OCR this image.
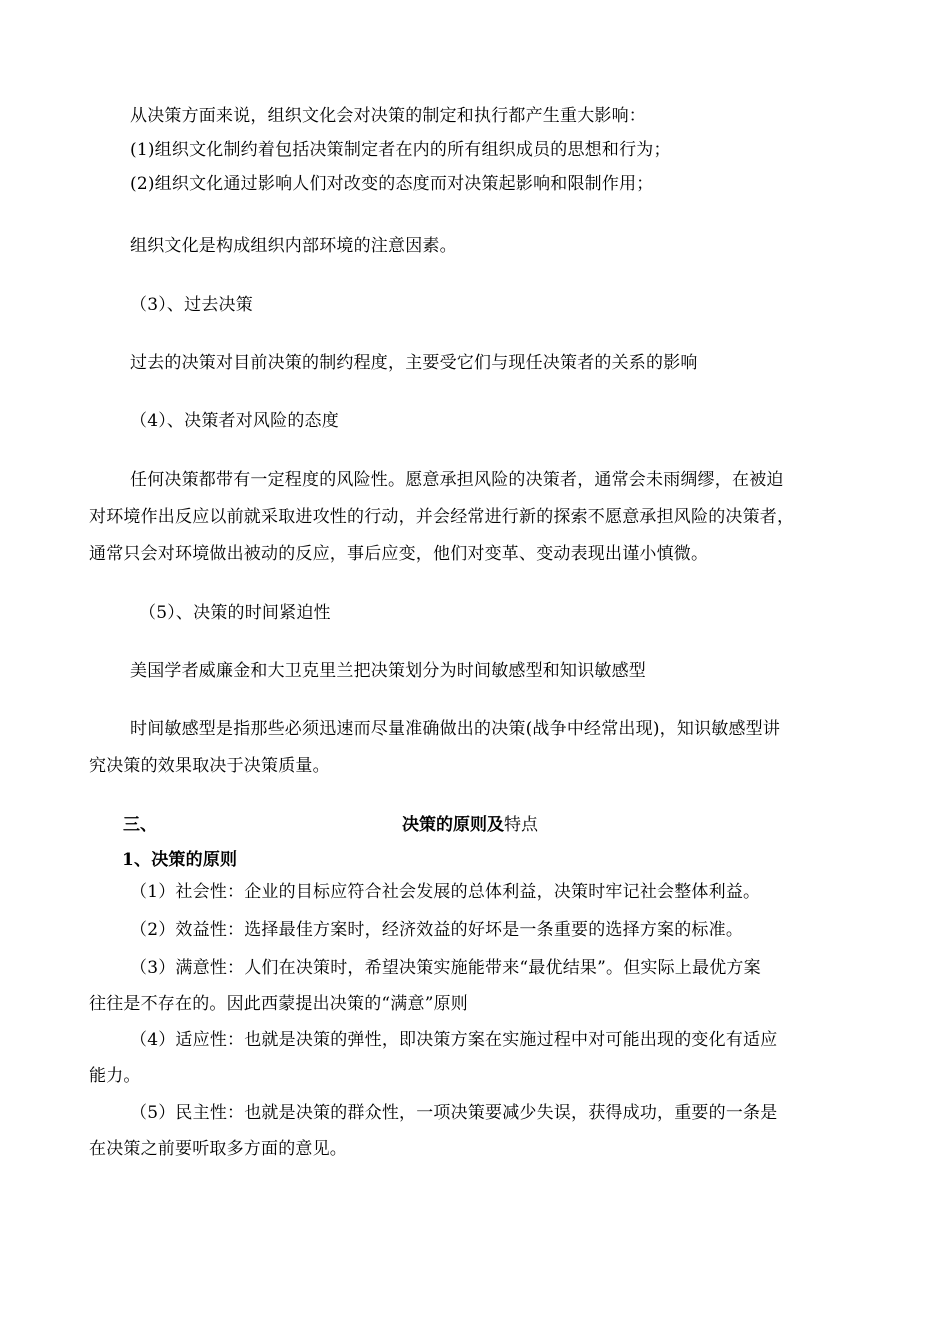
从决策方面来说，组织文化会对决策的制定和执行都产生重大影响：
(1)组织文化制约着包括决策制定者在内的所有组织成员的思想和行为；
(2)组织文化通过影响人们对改变的态度而对决策起影响和限制作用；
组织文化是构成组织内部环境的注意因素。
（3）、过去决策
过去的决策对目前决策的制约程度，主要受它们与现任决策者的关系的影响
（4）、决策者对风险的态度
任何决策都带有一定程度的风险性。愿意承担风险的决策者，通常会未雨绸缪，在被迫
对环境作出反应以前就采取进攻性的行动，并会经常进行新的探索不愿意承担风险的决策者，
通常只会对环境做出被动的反应，事后应变，他们对变革、变动表现出谨小慎微。
（5）、决策的时间紧迫性
美国学者威廉金和大卫克里兰把决策划分为时间敏感型和知识敏感型
时间敏感型是指那些必须迅速而尽量准确做出的决策(战争中经常出现)，知识敏感型讲
究决策的效果取决于决策质量。
三、	决策的原则及特点
1、决策的原则
（1）社会性：企业的目标应符合社会发展的总体利益，决策时牢记社会整体利益。
（2）效益性：选择最佳方案时，经济效益的好坏是一条重要的选择方案的标准。
（3）满意性：人们在决策时，希望决策实施能带来“最优结果”。但实际上最优方案
往往是不存在的。因此西蒙提出决策的“满意”原则
（4）适应性：也就是决策的弹性，即决策方案在实施过程中对可能出现的变化有适应
能力。
（5）民主性：也就是决策的群众性，一项决策要减少失误，获得成功，重要的一条是
在决策之前要听取多方面的意见。
